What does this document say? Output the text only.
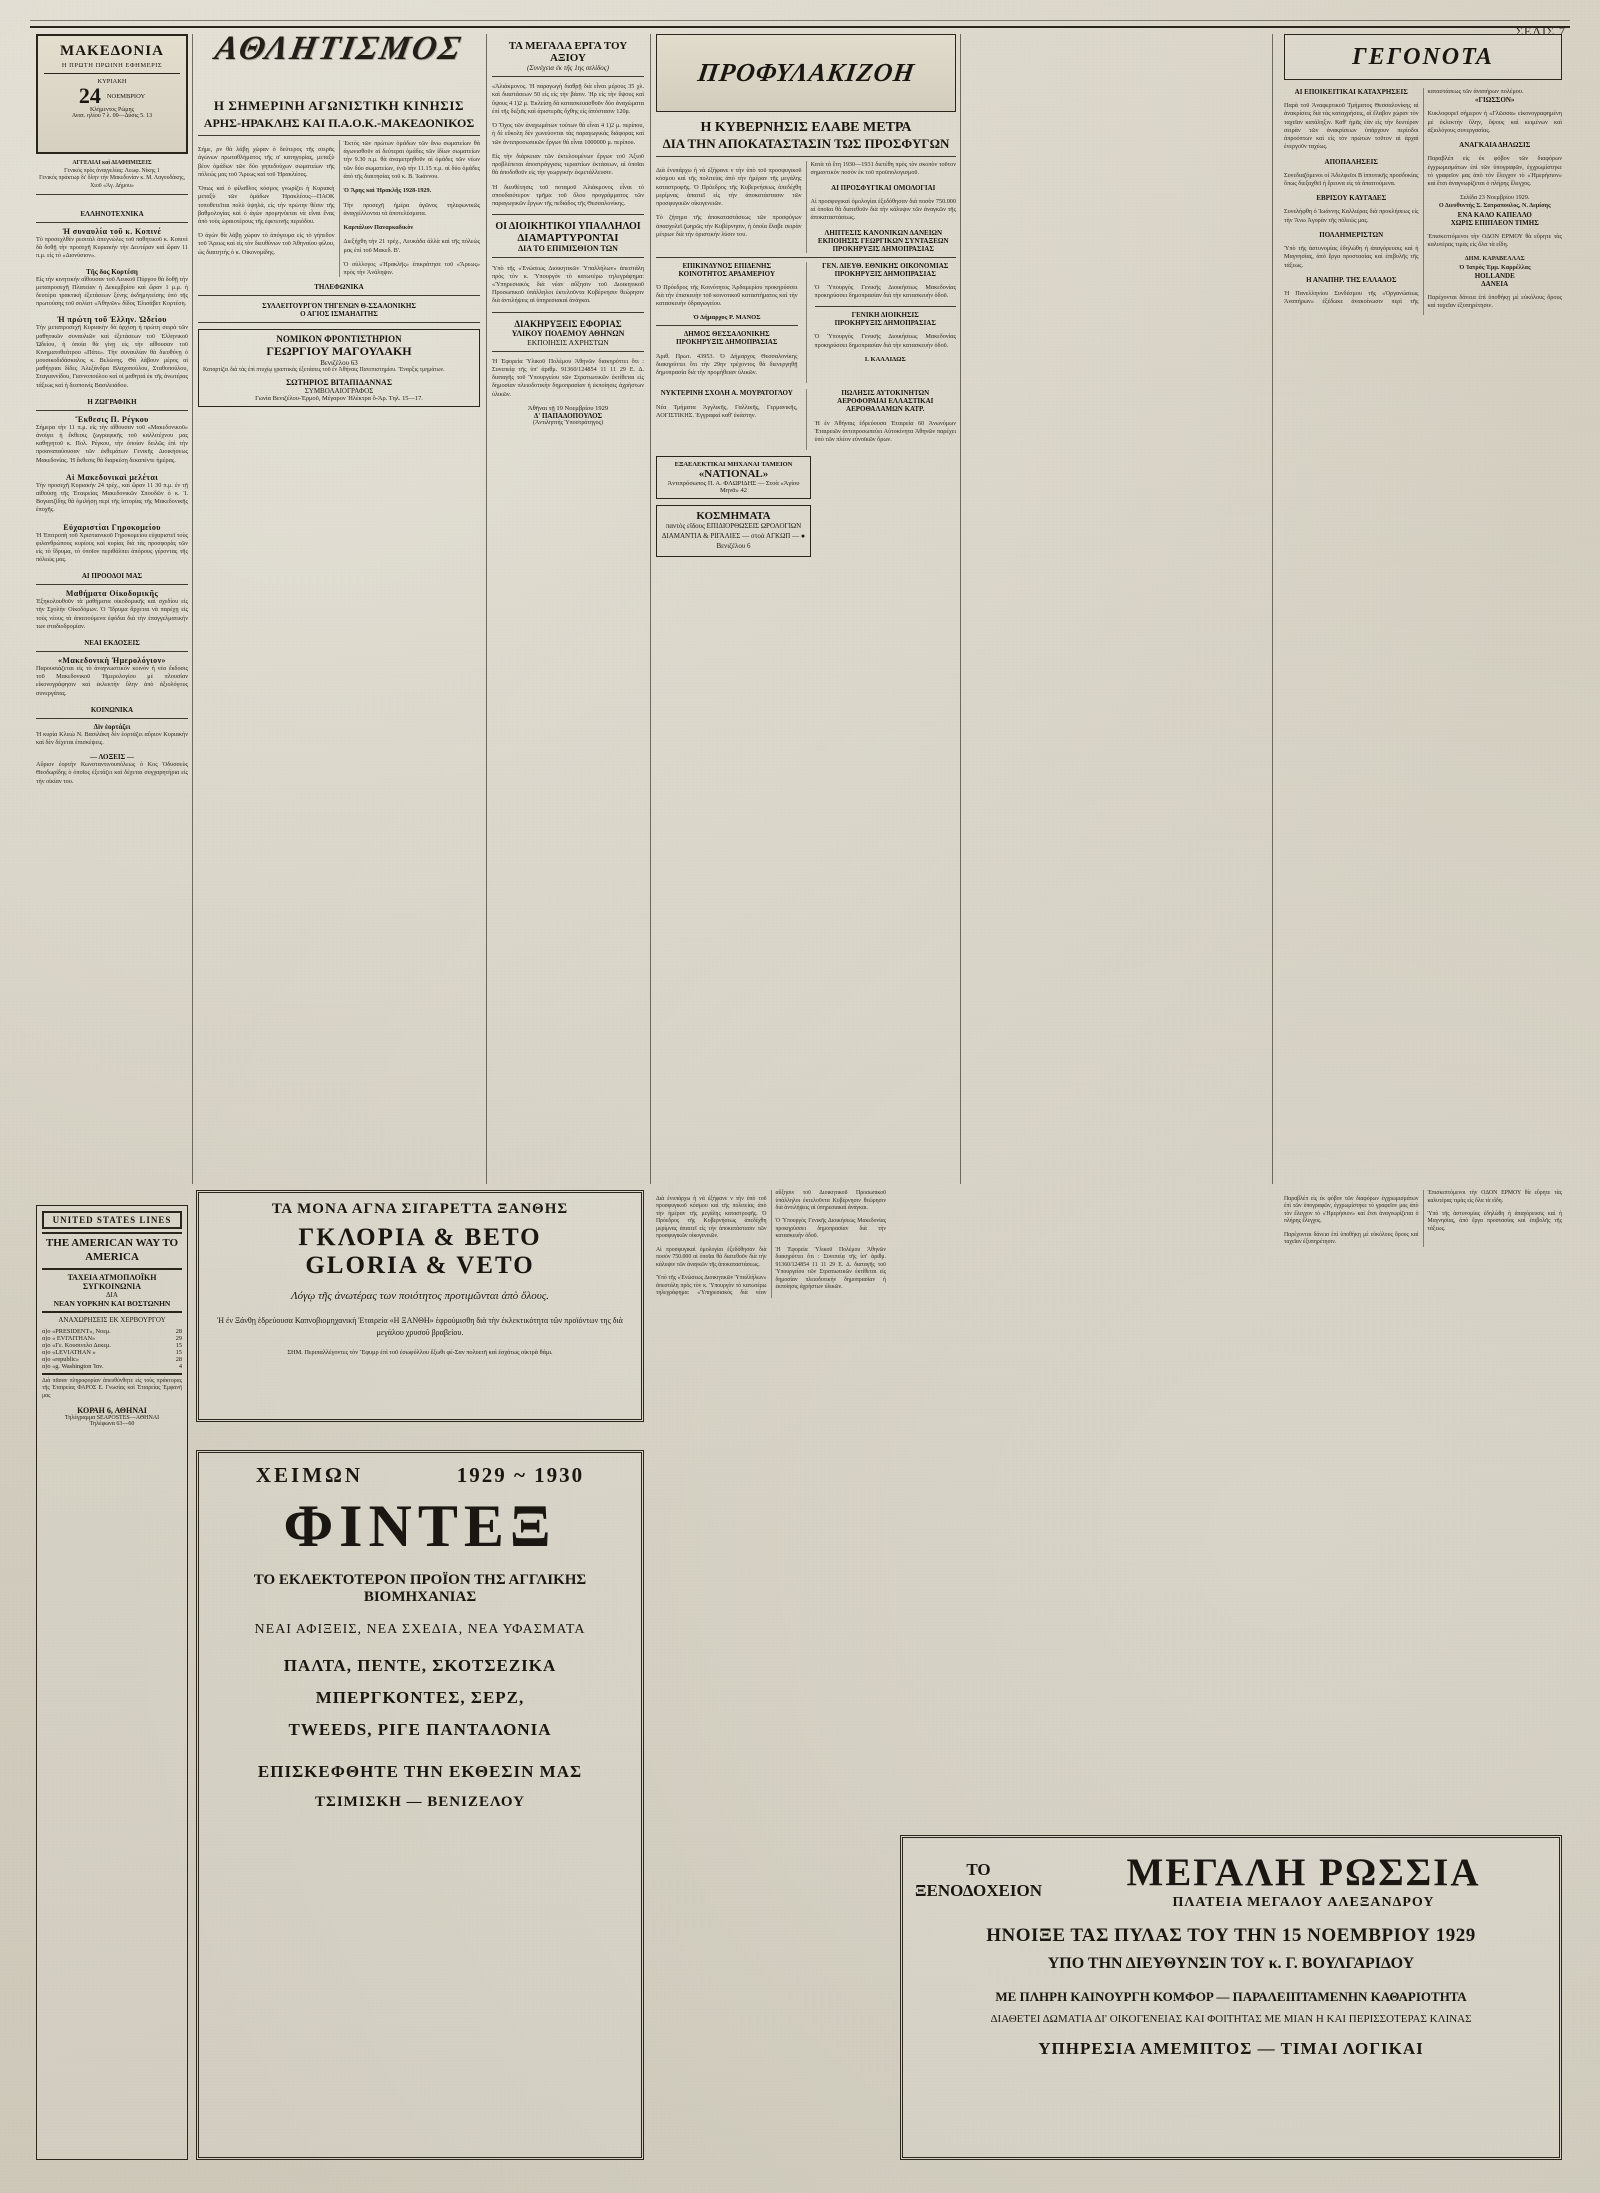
ΣΕΛΙΣ 7
ΜΑΚΕΔΟΝΙΑ
Η ΠΡΩΤΗ ΠΡΩΙΝΗ ΕΦΗΜΕΡΙΣ
ΚΥΡΙΑΚΗ
24 ΝΟΕΜΒΡΙΟΥ
Κλήμεντος Ρώμης
Ανατ. ηλίου 7 λ. 00—Δύσις 5. 13
ΑΓΓΕΛΙΑΙ καὶ ΔΙΑΦΗΜΙΣΕΙΣ
Γενικὸς πρὸς ἀναγγελίας: Λεωφ. Νίκης 1
Γενικὸς πράκτωρ δι' ὅλην τὴν Μακεδονίαν κ. Μ. Λαγουδάκης, Χιοῦ «Ἀγ. Δήμου»
ΕΛΛΗΝΟΤΕΧΝΙΚΑ
Ἡ συναυλία τοῦ κ. Κοπινέ
Τὸ προσεχλθὲν ρεσιτὰλ ἀπεγνώλες τοῦ παθητικοῦ κ. Κοπινὲ δὰ δοθῇ τὴν προσεχῆ Κυριακὴν τὴν Δευτέραν καὶ ὥραν 11 π.μ. εἰς τὸ «Διονύσιον».
Τῆς δος Κορτέση
Εἰς τὴν κινητικὴν αἴθουσαν τοῦ Λευκοῦ Πύργου θὰ δοθῇ τὴν μεταπροσεχῆ Πλατείαν ἡ Δεκεμβρίου καὶ ὥραν 1 μ.μ. ἡ δευτέρα τρακτικὴ ἐξετάσεων ξένης ἐκδημητείσης ὑπὸ τῆς πρωτούσης τοῦ σολίστ «Ἀθηνῶν» δίδος Ἐλισάβετ Κορτέση.
Ἡ πρώτη τοῦ Ἑλλην. Ὠδείου
Τὴν μεταπροσεχῆ Κυριακὴν δὰ ἀρχίσῃ ἡ πρώτη σειρὰ τῶν μαθητικῶν συναυλιῶν καὶ ἐξετάσεων τοῦ Ἑλληνικοῦ Ὠδείου, ἡ ὁποία θὰ γίνῃ εἰς τὴν αἴθουσαν τοῦ Κινηματοθεάτρου «Πάτε». Τὴν συναυλίαν θὰ διευθύνῃ ὁ μουσικοδιδάσκαλος κ. Βελώνης. Θὰ λάβουν μέρος αἱ μαθήτριαι δίδες Ἀλεξάνδρα Βλαχοπούλου, Σταθοπούλου, Σταγιαννίδου, Γιαννοπούλου καὶ οἱ μαθηταὶ ἐκ τῆς ἀνωτέρας τάξεως καὶ ἡ δεσποινὶς Βασιλειάδου.
Η ΖΩΓΡΑΦΙΚΗ
Ἔκθεσις Π. Ρέγκου
Σήμερα τὴν 11 π.μ. εἰς τὴν αἴθουσαν τοῦ «Μακεδονικοῦ» ἀνοίγει ἡ ἔκθεσις ζωγραφικῆς τοῦ καλλιτέχνου μας καθηγητοῦ κ. Πολ. Ρέγκου, τὴν ὁποίαν δειλῶς ἐπὶ τὴν προαναπαύουσαν τῶν ἐκθεμάτων Γενικῆς Διοικήσεως Μακεδονίας. Ἡ ἔκθεσις θὰ διαρκέσῃ δεκαπέντε ἡμέρας.
Αἱ Μακεδονικαὶ μελέται
Τὴν προσεχῆ Κυριακὴν 24 τρέχ., καὶ ὥραν 11 30 π.μ. ἐν τῇ αἰθούσῃ τῆς Ἑταιρείας Μακεδονικῶν Σπουδῶν ὁ κ. Ἰ. Βογιατζίδης θὰ ὁμιλήσῃ περὶ τῆς ἱστορίας τῆς Μακεδονικῆς ἐποχῆς.
Εὐχαριστίαι Γηροκομείου
Ἡ Ἐπιτροπὴ τοῦ Χριστιανικοῦ Γηροκομείου εὐχαριστεῖ τοὺς φιλανθρώπους κυρίους καὶ κυρίας διὰ τὰς προσφορὰς τῶν εἰς τὸ ἵδρυμα, τὸ ὁποῖον περιθάλπει ἀπόρους γέροντας τῆς πόλεώς μας.
ΑΙ ΠΡΟΟΔΟΙ ΜΑΣ
Μαθήματα Οἰκοδομικῆς
Ἐξηκολουθοῦν τὰ μαθήματα οἰκοδομικῆς καὶ σχεδίου εἰς τὴν Σχολὴν Οἰκοδόμων. Ὁ Ἵδρυμα ἄρχεται νὰ παρέχῃ εἰς τοὺς νέους τὰ ἀπαιτούμενα ἐφόδια διὰ τὴν ἐπαγγελματικήν των σταδιοδρομίαν.
ΝΕΑΙ ΕΚΔΟΣΕΙΣ
«Μακεδονικὴ Ἡμερολόγιον»
Παρουσιάζεται εἰς τὸ ἀναγνωστικὸν κοινὸν ἡ νέα ἔκδοσις τοῦ Μακεδονικοῦ Ἡμερολογίου μὲ πλουσίαν εἰκονογράφησιν καὶ ἐκλεκτὴν ὕλην ἀπὸ ἀξιολόγους συνεργάτας.
ΚΟΙΝΩΝΙΚΑ
Δὶν ἑορτάζει
Ἡ κυρία Κλειὼ Ν. Βασιλάκη δὲν ἑορτάζει αὔριον Κυριακὴν καὶ δὲν δέχεται ἐπισκέψεις.
— ΛΟΞΕΙΣ —
Αὔριον ἑορτὴν Κωνσταντινουπόλεως ὁ Κος Ὀδυσσεὺς Θεοδωρίδης ὁ ὁποῖος ἐξετάζει καὶ δέχεται συγχαρητήρια εἰς τὴν οἰκίαν του.
UNITED STATES LINES
THE AMERICAN WAY TO AMERICA
ΤΑΧΕΙΑ ΑΤΜΟΠΛΟΪΚΗ ΣΥΓΚΟΙΝΩΝΙΑ
ΔΙΑ
ΝΕΑΝ ΥΟΡΚΗΝ ΚΑΙ ΒΟΣΤΩΝΗΝ
ΑΝΑΧΩΡΗΣΕΙΣ ΕΚ ΧΕΡΒΟΥΡΓΟΥ
α)ο «PRESIDENT», Νοεμ.	28
α)ο « EVΓΛΙΤΗΑΝ»	29
α)ο «Γε. Κουσινελο Δεκεμ.	15
α)ο «LΕVΙΑΤΗΑΝ »	15
α)ο «republic»	28
α)ο «g. Washington Ἰαν.	4
Διὰ πᾶσαν πληροφορίαν ἀπευθύνθητε εἰς τοὺς πράκτορας τῆς Ἑταιρείας ΦΑΡΟΣ Ε. Γνωσίας καὶ Ἑταιρείας Ἐμφανῆ μας
ΚΟΡΑΗ 6, ΑΘΗΝΑΙ
Τηλέγραμμα SEAPOSTES—ΑΘΗΝΑΙ
Τηλέφωνα 63—60
ΑΘΛΗΤΙΣΜΟΣ
Η ΣΗΜΕΡΙΝΗ ΑΓΩΝΙΣΤΙΚΗ ΚΙΝΗΣΙΣ
ΑΡΗΣ-ΗΡΑΚΛΗΣ ΚΑΙ Π.Α.Ο.Κ.-ΜΑΚΕΔΟΝΙΚΟΣ

Σήμε, ρν θὰ λάβῃ χώραν ὁ δεύτερος τῆς σειρᾶς ἀγώνων πρωταθλήματος τῆς α' κατηγορίας, μεταξὺ βέον ὁμάδων τῶν δύο γηπεδούχων σωματείων τῆς πόλεώς μας τοῦ Ἄρεως καὶ τοῦ Ἡρακλέους.

Ὅπως καὶ ὁ φίλαθλος κόσμος γνωρίζει ἡ Κυριακὴ μεταξὺ τῶν ὁμάδων Ἡρακλέους—ΠΑΟΚ τοποθετεῖται πολὺ ὑψηλά, εἰς τὴν πρώτην θέσιν τῆς βαθμολογίας καὶ ὁ ἀγὼν προμηνύεται νὰ εἶναι ἕνας ἀπὸ τοὺς ὡραιοτέρους τῆς ἐφετεινῆς περιόδου.

Ὁ ἀγὼν θὰ λάβῃ χώραν τὸ ἀπόγευμα εἰς τὸ γήπεδον τοῦ Ἄρεως καὶ εἰς τὸν διευθύνων τοῦ Ἀθηναίου φίλου, ὡς διαιτητὴς ὁ κ. Οἰκονομίδης.

Ἐκτὸς τῶν πρώτων ὁμάδων τῶν ἄνω σωματείων θὰ ἀγωνισθοῦν αἱ δεύτεραι ὁμάδες τῶν ἰδίων σωματείων τὴν 9.30 π.μ. θὰ ἀναμετρηθοῦν αἱ ὁμάδες τῶν νέων τῶν δύο σωματείων, ἐνῷ τὴν 11.15 π.μ. αἱ δύο ὁμάδες ἀπὸ τῆς διαιτησίας τοῦ κ. Β. Ἰωάννου.

Ὁ Ἄρης καὶ Ἡρακλῆς 1928-1929.

Τὴν προσεχῆ ἡμέρα ἀγῶνος τηλεφωνικῶς ἀναγγέλλονται τὰ ἀποτελέσματα.

Καρπάλιον Παναρκαδικὸν

Διεξήχθη τὴν 21 τρέχ., Λευκάδα ἀλλὰ καὶ τῆς πόλεώς μας ἐπὶ τοῦ Μακεδ. Β'.

Ὁ σύλλογος «Ἡρακλῆς» ἐπικράτησε τοῦ «Ἄρεως» πρὸς τὴν Ἀνάληψιν.

ΤΗΛΕΦΩΝΙΚΑ
ΣΥΛΛΕΙΤΟΥΡΓΟΝ ΤΗΓΕΝΩΝ Θ-ΣΣΑΛΟΝΙΚΗΣ
Ο ΑΓΙΟΣ ΙΣΜΑΗΛΙΤΗΣ
ΝΟΜΙΚΟΝ ΦΡΟΝΤΙΣΤΗΡΙΟΝ
ΓΕΩΡΓΙΟΥ ΜΑΓΟΥΛΑΚΗ
Βενιζέλου 63
Καταρτίζει διὰ τὰς ἐπὶ πτυχίῳ γραπτικὰς ἐξετάσεις τοῦ ἐν Ἀθήναις Πανεπιστημίου. Ἔναρξις τμημάτων.
ΣΩΤΗΡΙΟΣ ΒΙΤΑΠΙΔΑΝΝΑΣ
ΣΥΜΒΟΛΑΙΟΓΡΑΦΟΣ
Γωνία Βενιζέλου-Ἑρμοῦ, Μέγαρον Ἡλέκτρα ὄ-Ἀρ. Τηλ. 15—17.
ΤΑ ΜΟΝΑ ΑΓΝΑ ΣΙΓΑΡΕΤΤΑ ΞΑΝΘΗΣ
ΓΚΛΟΡΙΑ & ΒΕΤΟ
GLORIA & VETO
Λόγῳ τῆς ἀνωτέρας των ποιότητος προτιμῶνται ἀπὸ ὅλους.
Ἡ ἐν Ξάνθῃ ἑδρεύουσα Καπνοβιομηχανικὴ Ἑταιρεία «Η ΞΑΝΘΗ» ἐφρούμισθη διὰ τὴν ἐκλεκτικότητα τῶν προϊόντων της διὰ μεγάλου χρυσοῦ βραβείου.
ΣΗΜ. Περιπαλλέγοντες τὸν Ἔφυμρ ἐπὶ τοῦ ἐσωφύλλου ἔξωθι φέ-Σαν πολυετῆ καὶ ἐσχάτως οἰκτρὰ θάμι.
ΧΕΙΜΩΝ	1929 ~ 1930
ΦΙΝΤΕΞ
ΤΟ ΕΚΛΕΚΤΟΤΕΡΟΝ ΠΡΟΪΟΝ ΤΗΣ ΑΓΓΛΙΚΗΣ ΒΙΟΜΗΧΑΝΙΑΣ
ΝΕΑΙ ΑΦΙΞΕΙΣ, ΝΕΑ ΣΧΕΔΙΑ, ΝΕΑ ΥΦΑΣΜΑΤΑ
ΠΑΛΤΑ, ΠΕΝΤΕ, ΣΚΟΤΣΕΖΙΚΑ
ΜΠΕΡΓΚΟΝΤΕΣ, ΣΕΡΖ,
TWEEDS, ΡΙΓΕ ΠΑΝΤΑΛΟΝΙΑ
ΕΠΙΣΚΕΦΘΗΤΕ ΤΗΝ ΕΚΘΕΣΙΝ ΜΑΣ
ΤΣΙΜΙΣΚΗ — ΒΕΝΙΖΕΛΟΥ
ΤΑ ΜΕΓΑΛΑ ΕΡΓΑ ΤΟΥ ΑΞΙΟΥ
(Συνέχεια ἐκ τῆς 1ης σελίδος)

«Ἀλιάκμονος. Ἡ παραγωγὴ διαθρῇ διὰ εἶναι μέρους 35 χλ. καὶ διαστάσεων 50 εἰς εἰς τὴν βάσιν. Ἡρ εἰς τὴν ὕψους καὶ ὕψους 4 1)2 μ. Ἐκλείσῃ δὰ κατασκευασθοῦν δύο ἀναχώματα ἐπὶ τῆς δεξιᾶς καὶ ἀριστερᾶς ὄχθης εἰς ἀπόστασιν 120μ.

Ὁ Ὄχος τῶν ἀναχωμάτων τούτων θὰ εἶναι 4 1)2 μ. περίπου, ἡ δὲ εὔκολη δὲν χωνεύονται τὰς παραγωγικὰς διάφορας καὶ τῶν ἀντιπροσωπικῶν ἔργων θὰ εἶναι 1000000 μ. περίπου.

Εἰς τὴν διάρκειαν τῶν ἐκτελουμένων ἔργων τοῦ Ἀξιοῦ προβλέπεται ἀποστράγγισις τεραστίων ἐκτάσεων, αἱ ὁποῖαι θὰ ἀποδοθοῦν εἰς τὴν γεωργικὴν ἐκμετάλλευσιν.

Ἡ διευθέτησις τοῦ ποταμοῦ Ἀλιάκμονος εἶναι τὸ σπουδαιότερον τμῆμα τοῦ ὅλου προγράμματος τῶν παραγωγικῶν ἔργων τῆς πεδιάδος τῆς Θεσσαλονίκης.

ΟΙ ΔΙΟΙΚΗΤΙΚΟΙ ΥΠΑΛΛΗΛΟΙ
ΔΙΑΜΑΡΤΥΡΟΝΤΑΙ
ΔΙΑ ΤΟ ΕΠΙΜΙΣΘΙΟΝ ΤΩΝ

Ὑπὸ τῆς «Ἑνώσεως Διοικητικῶν Ὑπαλλήλων» ἀπεστάλη πρὸς τὸν κ. Ὑπουργὸν τὸ κατωτέρω τηλεγράφημα: «Ὑπηρεσιακὸς διὰ νέαν αὔξησιν τοῦ Διοικητικοῦ Προσωπικοῦ ὑπάλληλοι ἐκτελοῦντα Κυβέρνησιν θεώρησιν διὰ ἀντιλήψεις αἱ ὑπηρεσιακαὶ ἀνάγκαι.

ΔΙΑΚΗΡΥΞΕΙΣ ΕΦΟΡΙΑΣ
ΥΛΙΚΟΥ ΠΟΛΕΜΟΥ ΑΘΗΝΩΝ
ΕΚΠΟΙΗΣΙΣ ΑΧΡΗΣΤΩΝ

Ἡ Ἐφορεία Ὑλικοῦ Πολέμου Ἀθηνῶν διακηρύττει ὅτι : Συνεπείᾳ τῆς ὑπ' ἀριθμ. 91360/124854 11 11 29 Ε. Δ. διαταγῆς τοῦ Ὑπουργείου τῶν Στρατιωτικῶν ἐκτίθεται εἰς δημοσίαν πλειοδοτικὴν δημοπρασίαν ἡ ἐκποίησις ἀχρήστων ὑλικῶν.

Ἀθῆναι τῇ 19 Νοεμβρίου 1929
Δ' ΠΑΠΑΔΟΠΟΥΛΟΣ
(Ἀντιληπτὴς Ὑποστράτηγος)
ΠΡΟΦΥΛΑΚΙΖΟΗ
Η ΚΥΒΕΡΝΗΣΙΣ ΕΛΑΒΕ ΜΕΤΡΑ
ΔΙΑ ΤΗΝ ΑΠΟΚΑΤΑΣΤΑΣΙΝ ΤΩΣ ΠΡΟΣΦΥΓΩΝ

Διὰ ἐνυπάρχω ἡ νὰ ἐξήφανε ν τὴν ὑπὸ τοῦ προσφυγικοῦ κόσμου καὶ τῆς πολιτείας ἀπὸ τὴν ἡμέραν τῆς μεγάλης καταστροφῆς. Ὁ Πρόεδρος τῆς Κυβερνήσεως ἀπεδέχθη μερίμνας ἀπαιτεῖ εἰς τὴν ἀποκατάστασιν τῶν προσφυγικῶν οἰκογενειῶν.

Τὸ ζήτημα τῆς ἀποκαταστάσεως τῶν προσφύγων ἀπασχολεῖ ζωηρῶς τὴν Κυβέρνησιν, ἡ ὁποία ἔλαβε σειρὰν μέτρων διὰ τὴν ὁριστικὴν λύσιν του.

Κατὰ τὰ ἔτη 1930—1931 διετέθη πρὸς τὸν σκοπὸν τοῦτον σημαντικὸν ποσὸν ἐκ τοῦ προϋπολογισμοῦ.

ΑΙ ΠΡΟΣΦΥΓΙΚΑΙ ΟΜΟΛΟΓΙΑΙ

Αἱ προσφυγικαὶ ὁμολογίαι ἐξεδόθησαν διὰ ποσὸν 750.000 αἱ ὁποῖαι θὰ διατεθοῦν διὰ τὴν κάλυψιν τῶν ἀναγκῶν τῆς ἀποκαταστάσεως.

ΛΗΠΤΕΣΙΣ ΚΑΝΟΝΙΚΩΝ ΔΑΝΕΙΩΝ
ΕΚΠΟΙΗΣΙΣ ΓΕΩΡΓΙΚΩΝ ΣΥΝΤΑΞΕΩΝ
ΠΡΟΚΗΡΥΞΙΣ ΔΗΜΟΠΡΑΣΙΑΣ
ΕΠΙΚΙΝΔΥΝΟΣ ΕΠΙΔΕΝΗΣ
ΚΟΙΝΟΤΗΤΟΣ ΑΡΔΑΜΕΡΙΟΥ

Ὁ Πρόεδρος τῆς Κοινότητος Ἀρδαμερίου προκηρύσσει διὰ τὴν ἐπισκευὴν τοῦ κοινοτικοῦ καταστήματος καὶ τὴν κατασκευὴν ὑδραγωγείου.

Ὁ Δήμαρχος Ρ. ΜΑΝΟΣ
ΔΗΜΟΣ ΘΕΣΣΑΛΟΝΙΚΗΣ
ΠΡΟΚΗΡΥΞΙΣ ΔΗΜΟΠΡΑΣΙΑΣ

Ἀριθ. Πρωτ. 43953. Ὁ Δήμαρχος Θεσσαλονίκης διακηρύττει ὅτι τὴν 29ην τρέχοντος θὰ διενεργηθῇ δημοπρασία διὰ τὴν προμήθειαν ὑλικῶν.

ΓΕΝ. ΔΙΕΥΘ. ΕΘΝΙΚΗΣ ΟΙΚΟΝΟΜΙΑΣ
ΠΡΟΚΗΡΥΞΙΣ ΔΗΜΟΠΡΑΣΙΑΣ

Ὁ Ὑπουργὸς Γενικῆς Διοικήσεως Μακεδονίας προκηρύσσει δημοπρασίαν διὰ τὴν κατασκευὴν ὁδοῦ.

ΓΕΝΙΚΗ ΔΙΟΙΚΗΣΙΣ
ΠΡΟΚΗΡΥΞΙΣ ΔΗΜΟΠΡΑΣΙΑΣ

Ὁ Ὑπουργὸς Γενικῆς Διοικήσεως Μακεδονίας προκηρύσσει δημοπρασίαν διὰ τὴν κατασκευὴν ὁδοῦ.

Ι. ΚΑΛΛΙΔΩΣ
ΝΥΚΤΕΡΙΝΗ ΣΧΟΛΗ Α. ΜΟΥΡΑΤΟΓΛΟΥ

Νέα Τμήματα Ἀγγλικῆς, Γαλλικῆς, Γερμανικῆς, ΛΟΓΙΣΤΙΚΗΣ. Ἐγγραφαὶ καθ' ἑκάστην.

ΠΩΛΗΣΙΣ ΑΥΤΟΚΙΝΗΤΩΝ
ΑΕΡΟΦΟΡΑΙΑΙ ΕΛΛΑΣΤΙΚΑΙ
ΑΕΡΟΘΑΛΑΜΩΝ ΚΑΤΡ.

Ἡ ἐν Ἀθήναις ἑδρεύουσα Ἑταιρεία 60 Ἀνωνύμων Ἑταιρειῶν ἀντιπροσωπεύει Αὐτοκίνητα Ἀθηνῶν παρέχει ὑπὸ τῶν πλέον εὐνοϊκῶν ὅρων.

ΕΞΑΕΛΕΚΤΙΚΑΙ ΜΗΧΑΝΑΙ ΤΑΜΕΙΟΝ
«NATIONAL»
Ἀντιπρόσωπος Π. Α. ΦΛΩΡΙΔΗΣ — Στοὰ «Ἁγίου Μηνᾶ» 42
ΚΟΣΜΗΜΑΤΑ
παντὸς εἴδους ΕΠΙΔΙΟΡΘΩΣΕΙΣ ΩΡΟΛΟΓΙΩΝ ΔΙΑΜΑΝΤΙΑ & ΡΙΓΑΛΙΕΣ — στοὰ ΑΓΚΩΠ — ● Βενιζέλου 6
ΓΕΓΟΝΟΤΑ
ΑΙ ΕΠΟΙΚΕΙΤΙΚΑΙ ΚΑΤΑΧΡΗΣΕΙΣ

Παρὰ τοῦ Ἀναφερτικοῦ Τμήματος Θεσσαλονίκης αἱ ἀνακρίσεις διὰ τὰς καταχρήσεις, αἳ ἔλαβον χώραν τὸν ταχεῖαν κατάληξιν. Καθ' ἡμᾶς ἐὰν εἰς τὴν δευτέραν σειρὰν τῶν ἀνακρίσεων ὑπάρχουν περίοδοι ἀπροόπτων καὶ εἰς τὸν πρώτων τοῦτον αἱ ἀρχαὶ ἐνεργοῦν ταχέως.

ΑΠΟΠΑΛΗΣΕΙΣ

Συνεδιαζόμενοι οἱ Ἀδελφεῖοι Β ἱπποτικῆς προσδοκίας ὅπως διεξαχθεῖ ἡ ἔρευνα εἰς τὰ ἀπαιτούμενα.

ΕΒΡΙΣΟΥ ΚΑΥΓΑΔΕΣ

Συνελήφθη ὁ Ἰωάννης Καλλιέρας διὰ προκλήσεως εἰς τὴν Ἄνω Ἀγορὰν τῆς πόλεώς μας.

ΠΟΛΛΗΜΕΡΙΣΤΩΝ

Ὑπὸ τῆς ἀστυνομίας ἐδηλώθη ἡ ἀπαγόρευσις καὶ ἡ Μαγνησίας, ἀπὸ ἔργα προστασίας καὶ ἐπιβολῆς τῆς τάξεως.

Η ΑΝΑΠΗΡ. ΤΗΣ ΕΛΛΑΔΟΣ

Ἡ Πανελληνίου Συνδέσμου τῆς «Ὀργανώσεως Ἀναπήρων» ἐξέδωκε ἀνακοίνωσιν περὶ τῆς καταστάσεως τῶν ἀναπήρων πολέμου.

«ΓΙΩΣΣΟΝ»

Κυκλοφορεῖ σήμερον ἡ «Γλῶσσα» εἰκονογραφημένη μὲ ἐκλεκτὴν ὕλην, ὕψους καὶ κειμένων καὶ ἀξιολόγους συνεργασίας.

ΑΝΑΓΚΑΙΑ ΔΗΛΩΣΙΣ

Παραβλέπ εἰς ἐκ φόβον τῶν διαφόρων ἐγχρωμισμάτων ἐπὶ τῶν ὑπογραφῶν, ἐγχρωμίστηκε τὸ γραφεῖον μας ἀπὸ τὸν ἔλεγχον τὸ «Ἡμερήσιον» καὶ ἔτσι ἀναγνωρίζεται ὁ πλήρης ἔλεγχος.

Σελίδα 23 Νοεμβρίου 1929.
Ο Διευθυντὴς Σ. Σατραπουλος, Ν. Δεμίσης
ΕΝΑ ΚΑΛΟ ΚΑΠΕΛΛΟ
ΧΩΡΙΣ ΕΠΙΠΛΕΟΝ ΤΙΜΗΣ

Ἐπισκεπτόμενοι τὴν ΟΔΟΝ ΕΡΜΟΥ θὰ εὕρητε τὰς καλυτέρας τιμὰς εἰς ὅλα τὰ εἴδη.

ΔΗΜ. ΚΑΡΑΒΕΛΛΑΣ
Ὁ Ἰατρὸς Ἐμμ. Καρρέλλας
HOLLANDE
ΔΑΝΕΙΑ

Παρέχονται δάνεια ἐπὶ ὑποθήκῃ μὲ εὐκόλους ὅρους καὶ ταχεῖαν ἐξυπηρέτησιν.

ΤΟ
ΞΕΝΟΔΟΧΕΙΟΝ	ΜΕΓΑΛΗ ΡΩΣΣΙΑ
ΠΛΑΤΕΙΑ ΜΕΓΑΛΟΥ ΑΛΕΞΑΝΔΡΟΥ
ΗΝΟΙΞΕ ΤΑΣ ΠΥΛΑΣ ΤΟΥ ΤΗΝ 15 ΝΟΕΜΒΡΙΟΥ 1929
ΥΠΟ ΤΗΝ ΔΙΕΥΘΥΝΣΙΝ ΤΟΥ κ. Γ. ΒΟΥΛΓΑΡΙΔΟΥ
ΜΕ ΠΛΗΡΗ ΚΑΙΝΟΥΡΓΗ ΚΟΜΦΟΡ — ΠΑΡΑΛΕΙΠΤΑΜΕΝΗΝ ΚΑΘΑΡΙΟΤΗΤΑ
ΔΙΑΘΕΤΕΙ ΔΩΜΑΤΙΑ ΔΙ' ΟΙΚΟΓΕΝΕΙΑΣ ΚΑΙ ΦΟΙΤΗΤΑΣ ΜΕ ΜΙΑΝ Η ΚΑΙ ΠΕΡΙΣΣΟΤΕΡΑΣ ΚΛΙΝΑΣ
ΥΠΗΡΕΣΙΑ ΑΜΕΜΠΤΟΣ — ΤΙΜΑΙ ΛΟΓΙΚΑΙ

Διὰ ἐνυπάρχω ἡ νὰ ἐξήφανε ν τὴν ὑπὸ τοῦ προσφυγικοῦ κόσμου καὶ τῆς πολιτείας ἀπὸ τὴν ἡμέραν τῆς μεγάλης καταστροφῆς. Ὁ Πρόεδρος τῆς Κυβερνήσεως ἀπεδέχθη μερίμνας ἀπαιτεῖ εἰς τὴν ἀποκατάστασιν τῶν προσφυγικῶν οἰκογενειῶν.

Αἱ προσφυγικαὶ ὁμολογίαι ἐξεδόθησαν διὰ ποσὸν 750.000 αἱ ὁποῖαι θὰ διατεθοῦν διὰ τὴν κάλυψιν τῶν ἀναγκῶν τῆς ἀποκαταστάσεως.

Ὑπὸ τῆς «Ἑνώσεως Διοικητικῶν Ὑπαλλήλων» ἀπεστάλη πρὸς τὸν κ. Ὑπουργὸν τὸ κατωτέρω τηλεγράφημα: «Ὑπηρεσιακὸς διὰ νέαν αὔξησιν τοῦ Διοικητικοῦ Προσωπικοῦ ὑπάλληλοι ἐκτελοῦντα Κυβέρνησιν θεώρησιν διὰ ἀντιλήψεις αἱ ὑπηρεσιακαὶ ἀνάγκαι.

Ὁ Ὑπουργὸς Γενικῆς Διοικήσεως Μακεδονίας προκηρύσσει δημοπρασίαν διὰ τὴν κατασκευὴν ὁδοῦ.

Ἡ Ἐφορεία Ὑλικοῦ Πολέμου Ἀθηνῶν διακηρύττει ὅτι : Συνεπείᾳ τῆς ὑπ' ἀριθμ. 91360/124854 11 11 29 Ε. Δ. διαταγῆς τοῦ Ὑπουργείου τῶν Στρατιωτικῶν ἐκτίθεται εἰς δημοσίαν πλειοδοτικὴν δημοπρασίαν ἡ ἐκποίησις ἀχρήστων ὑλικῶν.

Παραβλέπ εἰς ἐκ φόβον τῶν διαφόρων ἐγχρωμισμάτων ἐπὶ τῶν ὑπογραφῶν, ἐγχρωμίστηκε τὸ γραφεῖον μας ἀπὸ τὸν ἔλεγχον τὸ «Ἡμερήσιον» καὶ ἔτσι ἀναγνωρίζεται ὁ πλήρης ἔλεγχος.

Παρέχονται δάνεια ἐπὶ ὑποθήκῃ μὲ εὐκόλους ὅρους καὶ ταχεῖαν ἐξυπηρέτησιν.

Ἐπισκεπτόμενοι τὴν ΟΔΟΝ ΕΡΜΟΥ θὰ εὕρητε τὰς καλυτέρας τιμὰς εἰς ὅλα τὰ εἴδη.

Ὑπὸ τῆς ἀστυνομίας ἐδηλώθη ἡ ἀπαγόρευσις καὶ ἡ Μαγνησίας, ἀπὸ ἔργα προστασίας καὶ ἐπιβολῆς τῆς τάξεως.
